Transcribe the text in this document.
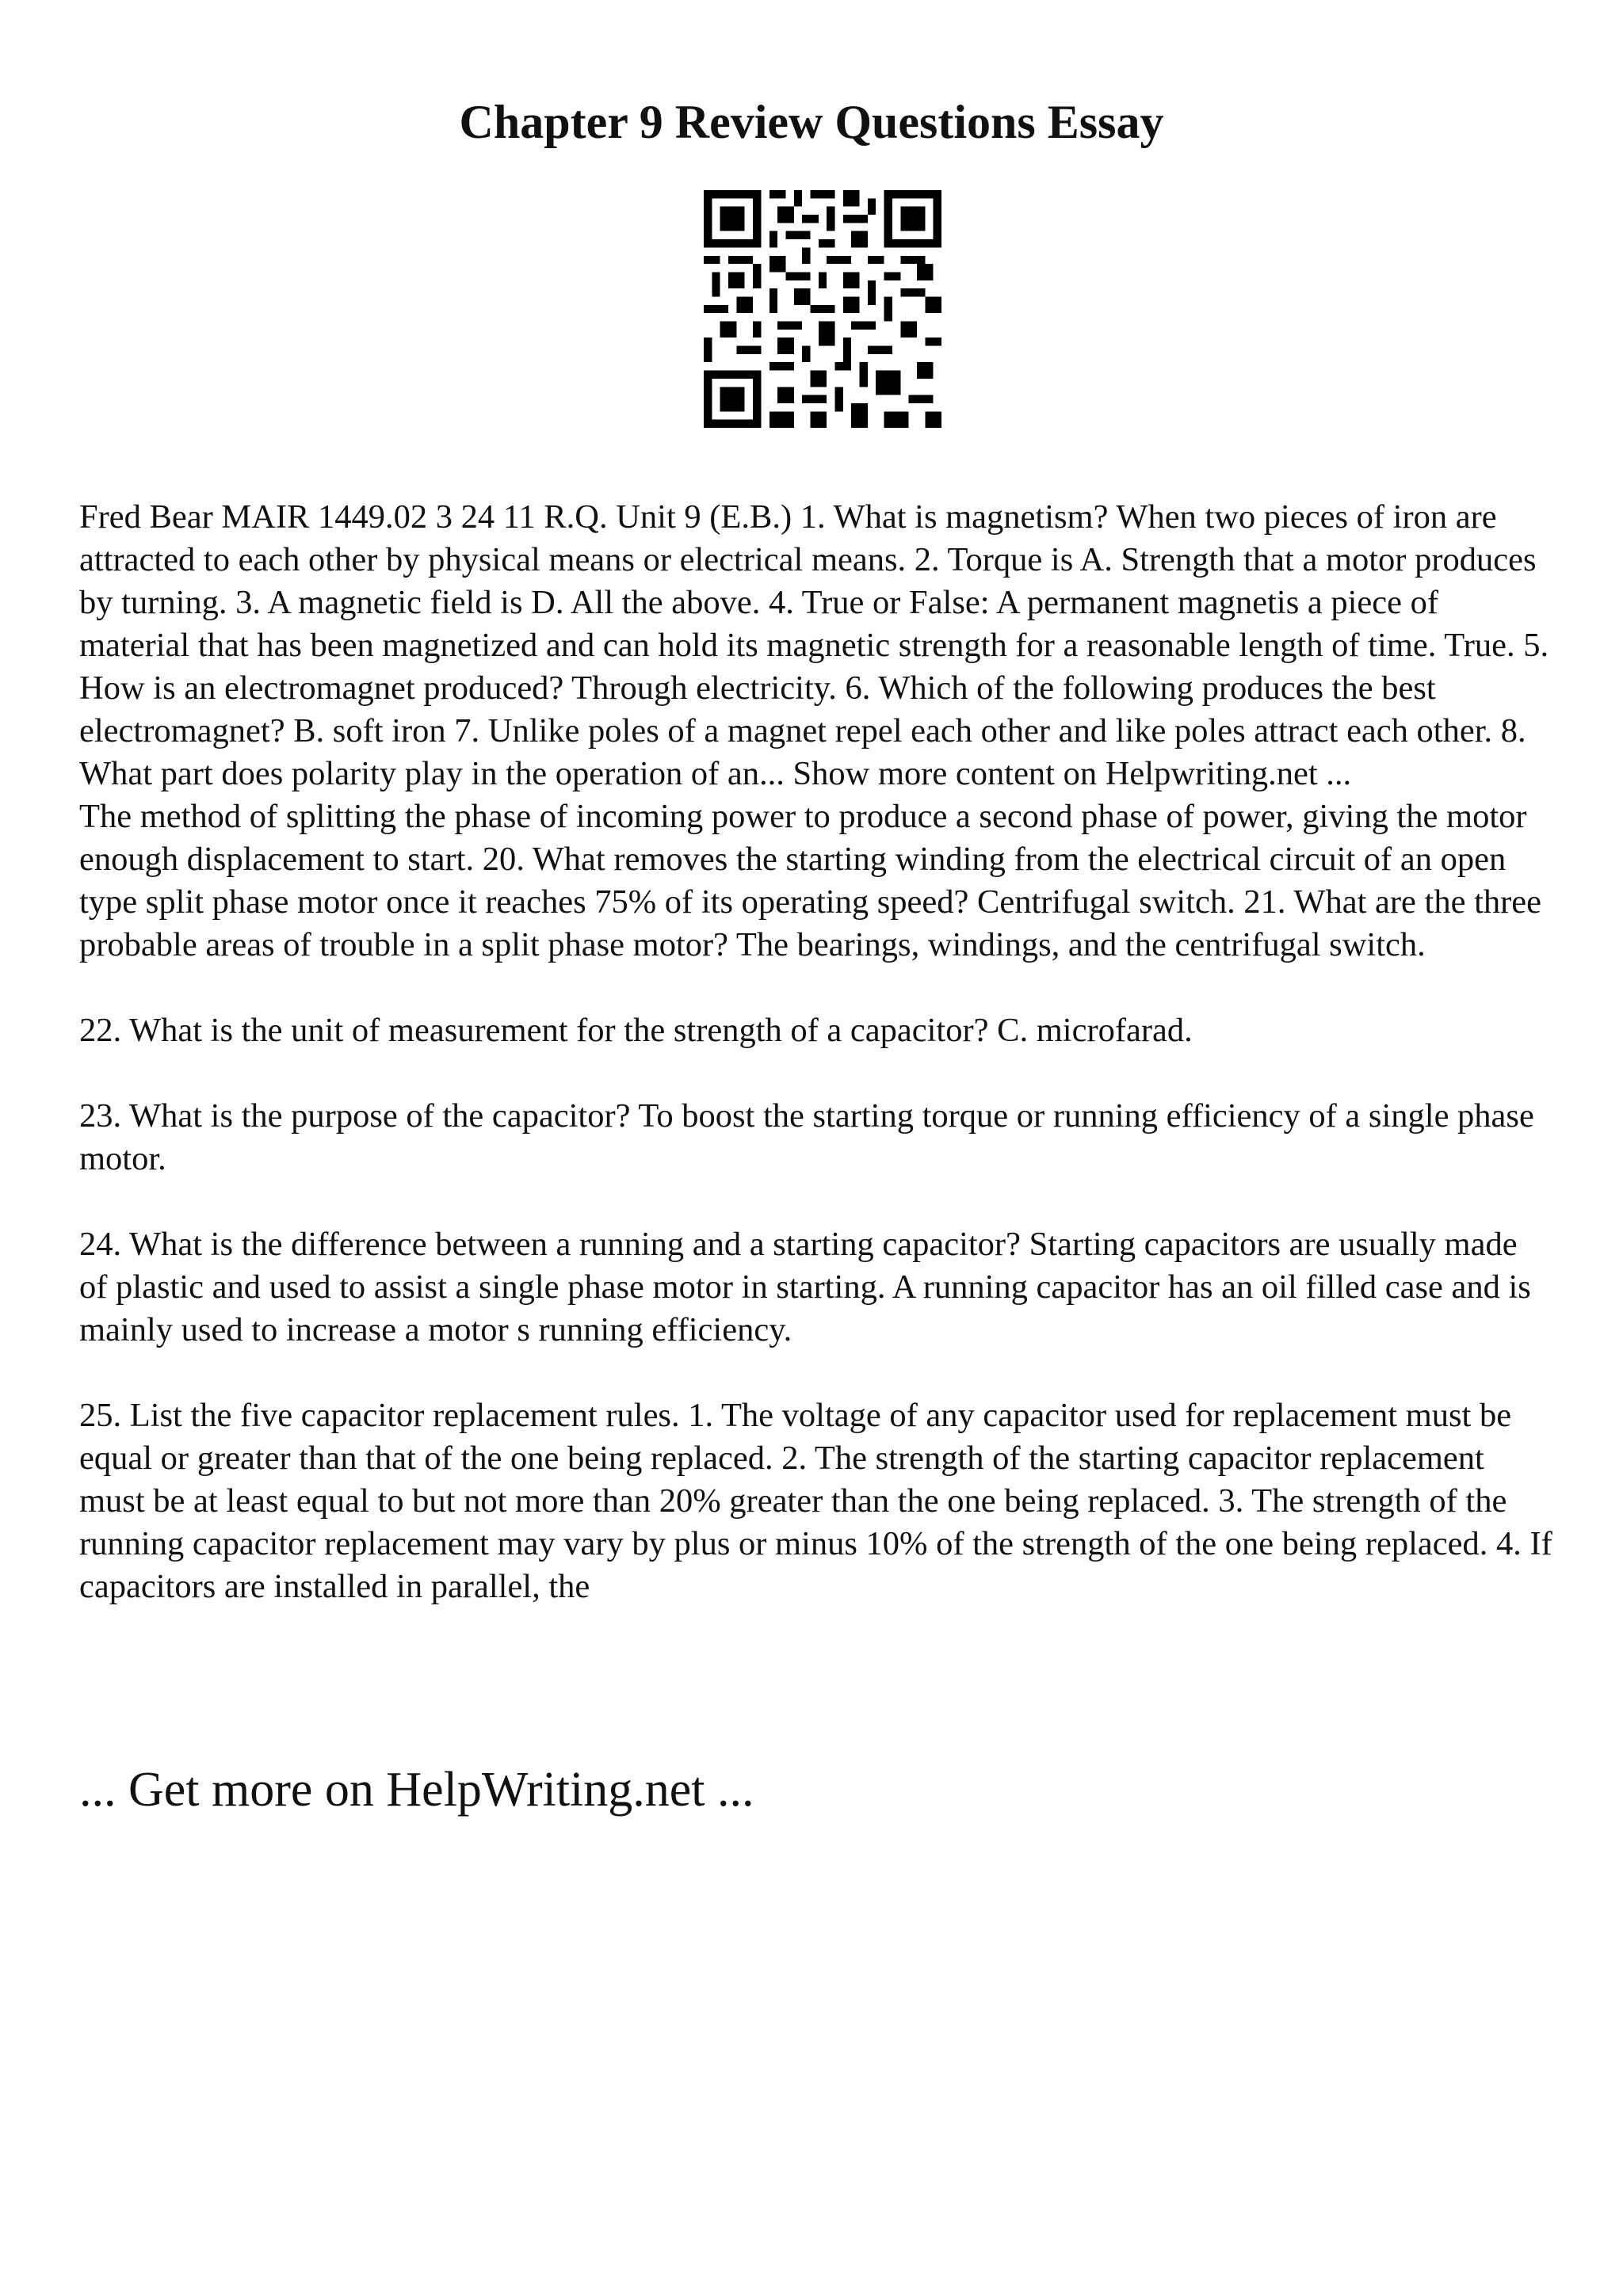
Chapter 9 Review Questions Essay

Fred Bear MAIR 1449.02 3 24 11 R.Q. Unit 9 (E.B.) 1. What is magnetism? When two pieces of iron are attracted to each other by physical means or electrical means. 2. Torque is A. Strength that a motor produces by turning. 3. A magnetic field is D. All the above. 4. True or False: A permanent magnetis a piece of material that has been magnetized and can hold its magnetic strength for a reasonable length of time. True. 5. How is an electromagnet produced? Through electricity. 6. Which of the following produces the best electromagnet? B. soft iron 7. Unlike poles of a magnet repel each other and like poles attract each other. 8. What part does polarity play in the operation of an... Show more content on Helpwriting.net ...

The method of splitting the phase of incoming power to produce a second phase of power, giving the motor enough displacement to start. 20. What removes the starting winding from the electrical circuit of an open type split phase motor once it reaches 75% of its operating speed? Centrifugal switch. 21. What are the three probable areas of trouble in a split phase motor? The bearings, windings, and the centrifugal switch.

22. What is the unit of measurement for the strength of a capacitor? C. microfarad.

23. What is the purpose of the capacitor? To boost the starting torque or running efficiency of a single phase motor.

24. What is the difference between a running and a starting capacitor? Starting capacitors are usually made of plastic and used to assist a single phase motor in starting. A running capacitor has an oil filled case and is mainly used to increase a motor s running efficiency.

25. List the five capacitor replacement rules. 1. The voltage of any capacitor used for replacement must be equal or greater than that of the one being replaced. 2. The strength of the starting capacitor replacement must be at least equal to but not more than 20% greater than the one being replaced. 3. The strength of the running capacitor replacement may vary by plus or minus 10% of the strength of the one being replaced. 4. If capacitors are installed in parallel, the

... Get more on HelpWriting.net ...
